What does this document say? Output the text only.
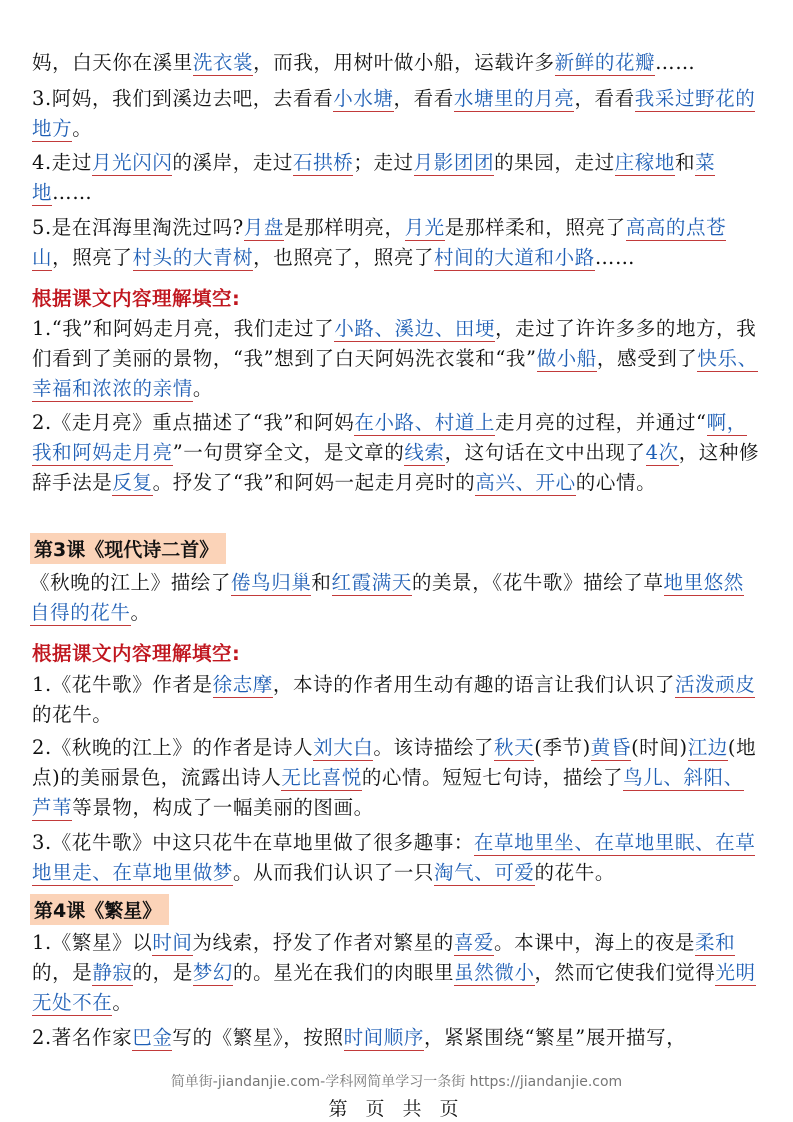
妈，白天你在溪里洗衣裳，而我，用树叶做小船，运载许多新鲜的花瓣……
3.阿妈，我们到溪边去吧，去看看小水塘，看看水塘里的月亮，看看我采过野花的地方。
4.走过月光闪闪的溪岸，走过石拱桥；走过月影团团的果园，走过庄稼地和菜地……
5.是在洱海里淘洗过吗?月盘是那样明亮，月光是那样柔和，照亮了高高的点苍山，照亮了村头的大青树，也照亮了，照亮了村间的大道和小路……
根据课文内容理解填空:
1.“我”和阿妈走月亮，我们走过了小路、溪边、田埂，走过了许许多多的地方，我们看到了美丽的景物，“我”想到了白天阿妈洗衣裳和“我”做小船，感受到了快乐、幸福和浓浓的亲情。
2.《走月亮》重点描述了“我”和阿妈在小路、村道上走月亮的过程，并通过“啊，我和阿妈走月亮”一句贯穿全文，是文章的线索，这句话在文中出现了4次，这种修辞手法是反复。抒发了“我”和阿妈一起走月亮时的高兴、开心的心情。
第3课《现代诗二首》
《秋晚的江上》描绘了倦鸟归巢和红霞满天的美景，《花牛歌》描绘了草地里悠然自得的花牛。
根据课文内容理解填空:
1.《花牛歌》作者是徐志摩，本诗的作者用生动有趣的语言让我们认识了活泼顽皮的花牛。
2.《秋晚的江上》的作者是诗人刘大白。该诗描绘了秋天(季节)黄昏(时间)江边(地点)的美丽景色，流露出诗人无比喜悦的心情。短短七句诗，描绘了鸟儿、斜阳、芦苇等景物，构成了一幅美丽的图画。
3.《花牛歌》中这只花牛在草地里做了很多趣事：在草地里坐、在草地里眠、在草地里走、在草地里做梦。从而我们认识了一只淘气、可爱的花牛。
第4课《繁星》
1.《繁星》以时间为线索，抒发了作者对繁星的喜爱。本课中，海上的夜是柔和的，是静寂的，是梦幻的。星光在我们的肉眼里虽然微小，然而它使我们觉得光明无处不在。
2.著名作家巴金写的《繁星》，按照时间顺序，紧紧围绕“繁星”展开描写，
简单街-jiandanjie.com-学科网简单学习一条街 https://jiandanjie.com
第 页 共 页
